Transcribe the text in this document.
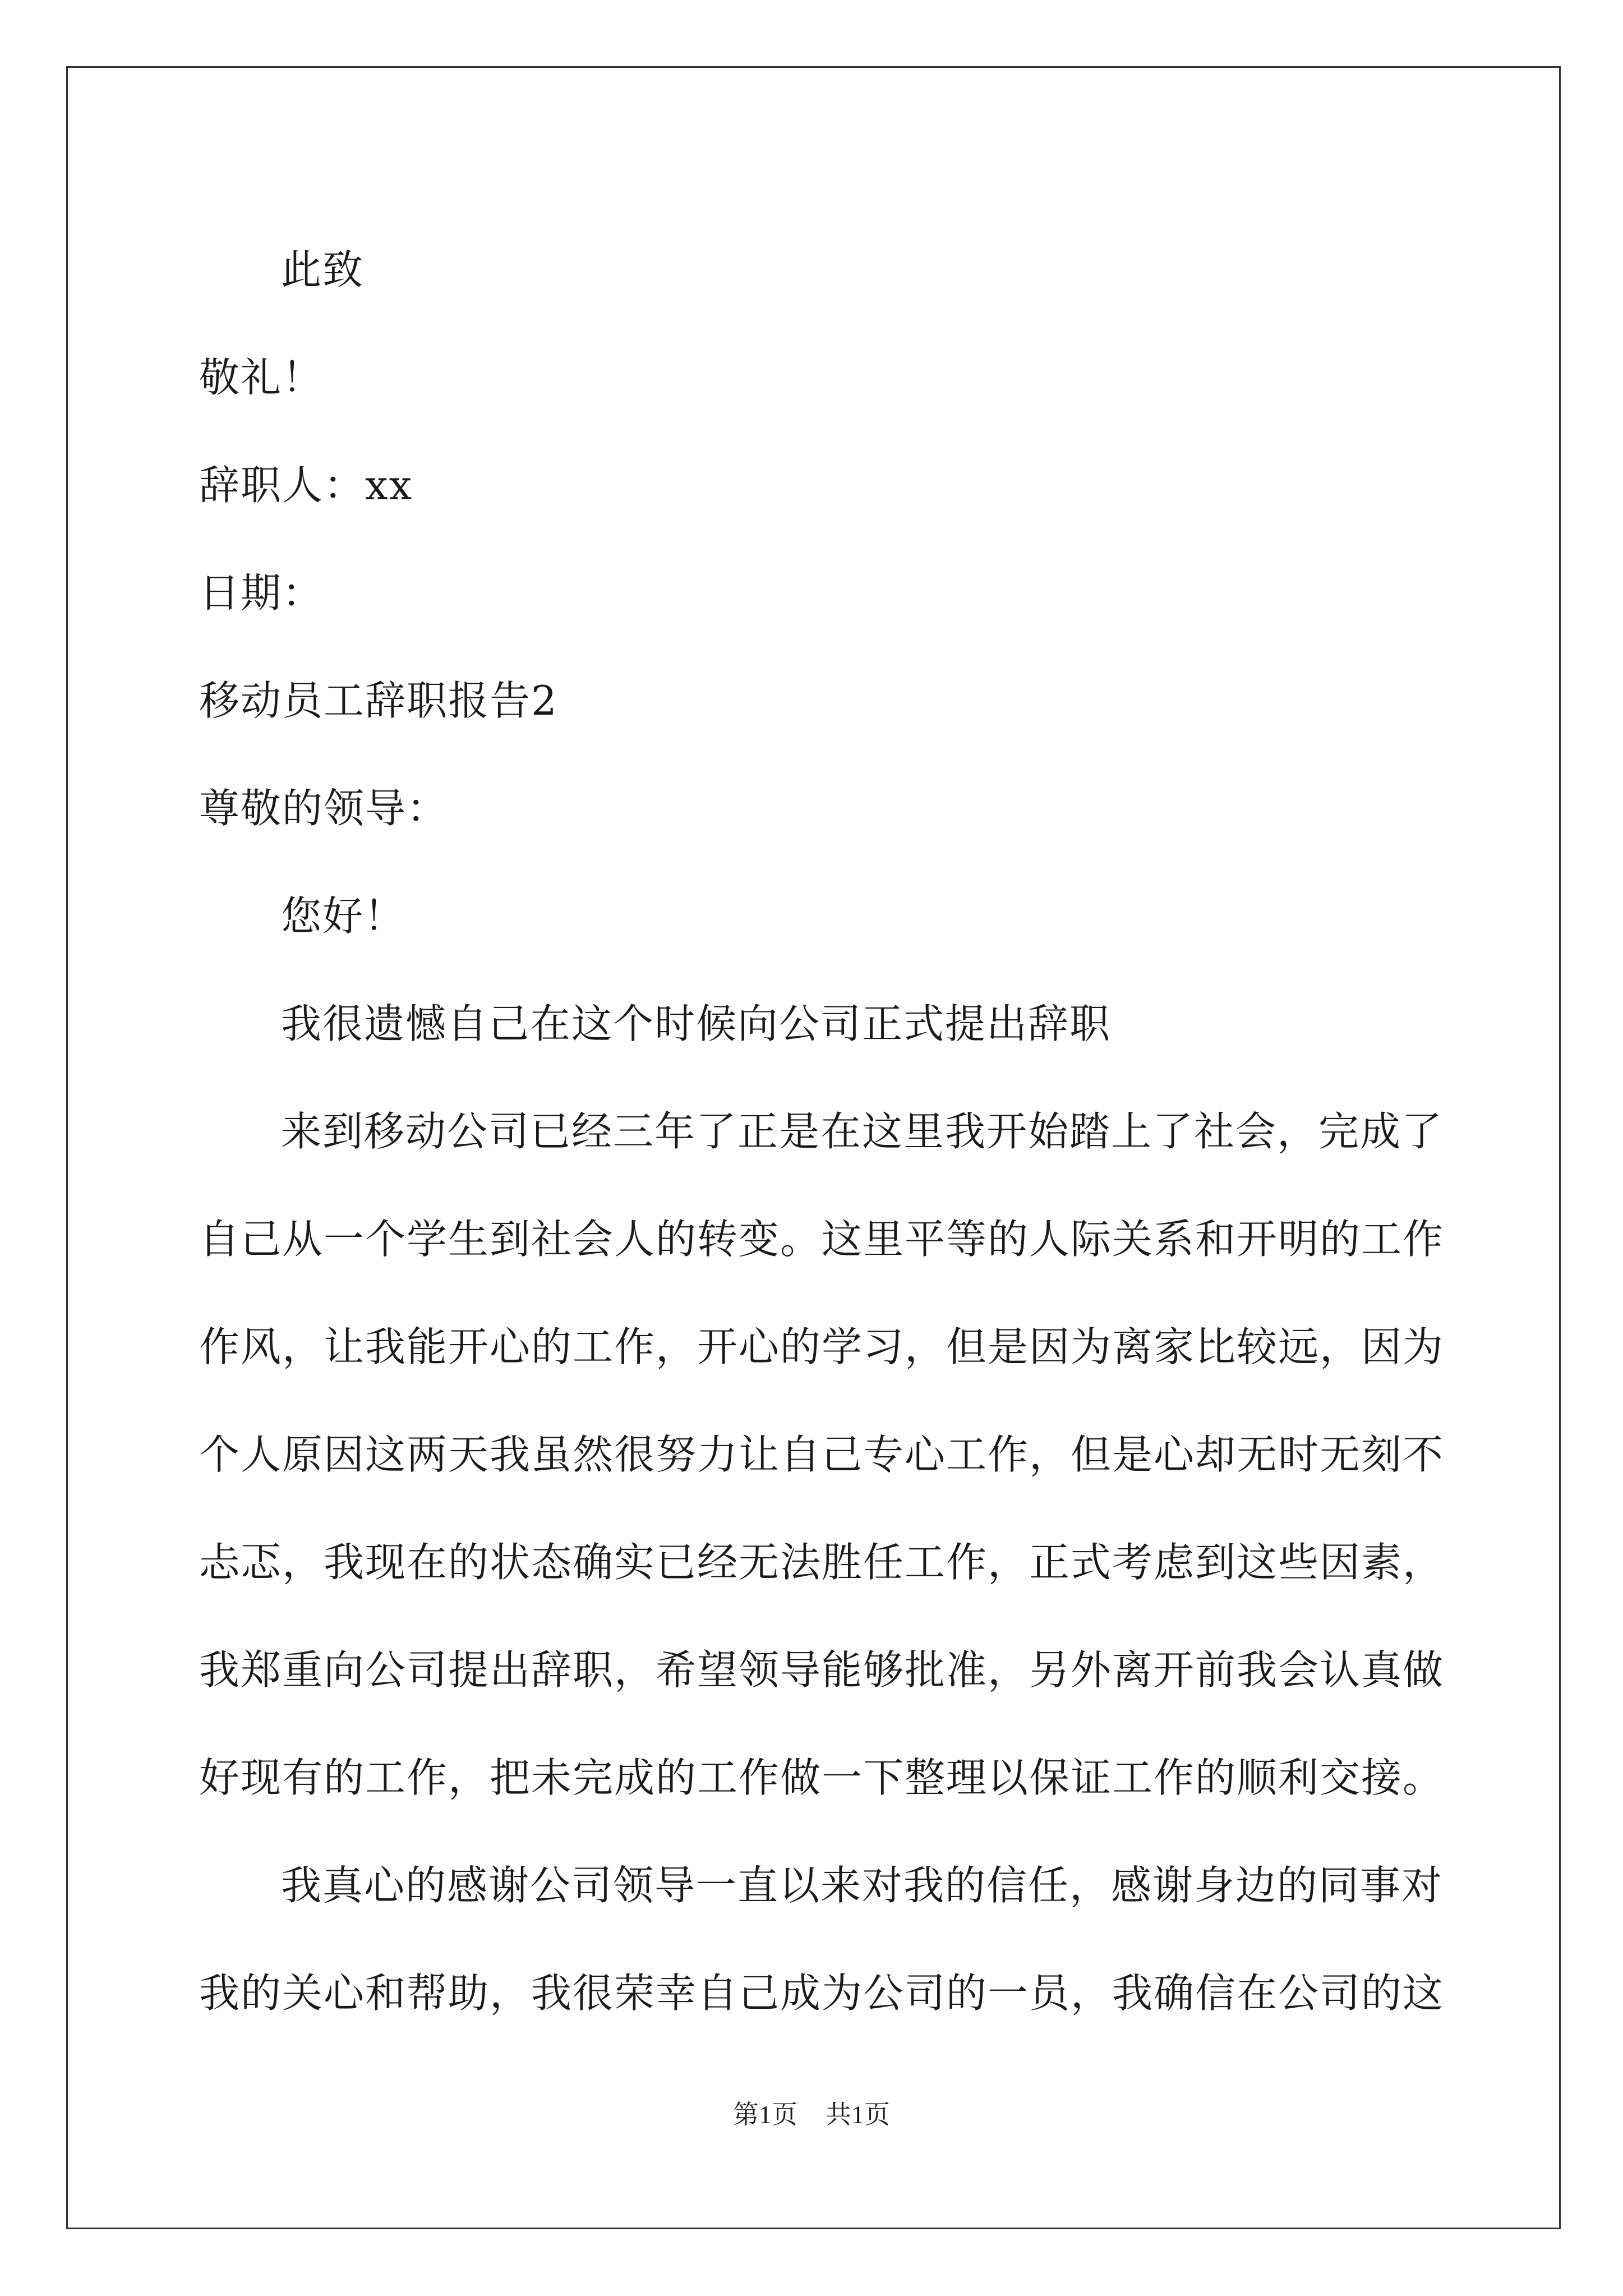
此致
敬礼！
辞职人：xx
日期：
移动员工辞职报告2
尊敬的领导：
您好！
我很遗憾自己在这个时候向公司正式提出辞职
来到移动公司已经三年了正是在这里我开始踏上了社会，完成了
自己从一个学生到社会人的转变。这里平等的人际关系和开明的工作
作风，让我能开心的工作，开心的学习，但是因为离家比较远，因为
个人原因这两天我虽然很努力让自己专心工作，但是心却无时无刻不
忐忑，我现在的状态确实已经无法胜任工作，正式考虑到这些因素，
我郑重向公司提出辞职，希望领导能够批准，另外离开前我会认真做
好现有的工作，把未完成的工作做一下整理以保证工作的顺利交接。
我真心的感谢公司领导一直以来对我的信任，感谢身边的同事对
我的关心和帮助，我很荣幸自己成为公司的一员，我确信在公司的这
第1页 共1页
